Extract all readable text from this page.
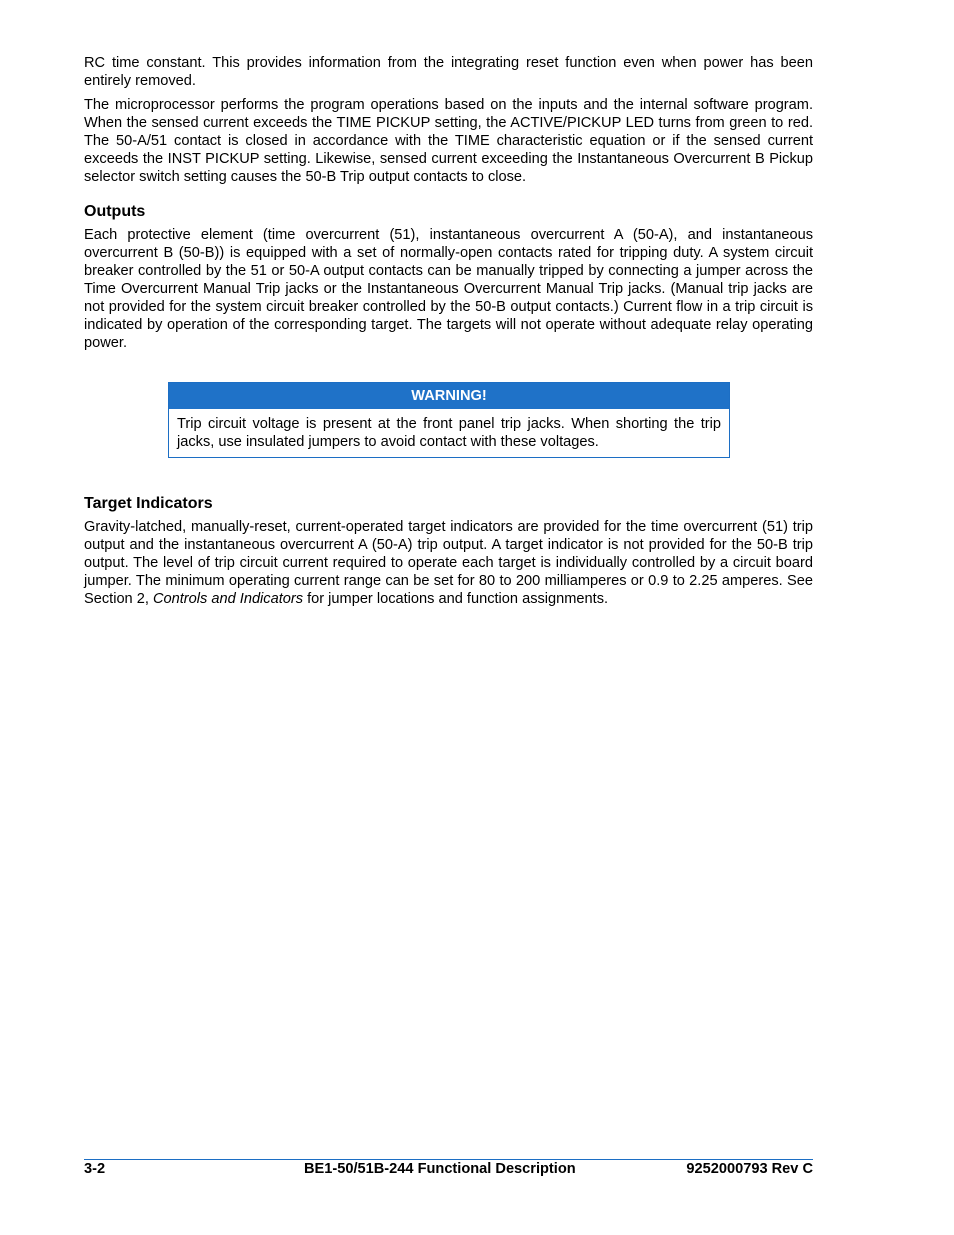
RC time constant. This provides information from the integrating reset function even when power has been entirely removed.

The microprocessor performs the program operations based on the inputs and the internal software program. When the sensed current exceeds the TIME PICKUP setting, the ACTIVE/PICKUP LED turns from green to red. The 50-A/51 contact is closed in accordance with the TIME characteristic equation or if the sensed current exceeds the INST PICKUP setting. Likewise, sensed current exceeding the Instantaneous Overcurrent B Pickup selector switch setting causes the 50-B Trip output contacts to close.

Outputs

Each protective element (time overcurrent (51), instantaneous overcurrent A (50-A), and instantaneous overcurrent B (50-B)) is equipped with a set of normally-open contacts rated for tripping duty. A system circuit breaker controlled by the 51 or 50-A output contacts can be manually tripped by connecting a jumper across the Time Overcurrent Manual Trip jacks or the Instantaneous Overcurrent Manual Trip jacks. (Manual trip jacks are not provided for the system circuit breaker controlled by the 50-B output contacts.) Current flow in a trip circuit is indicated by operation of the corresponding target. The targets will not operate without adequate relay operating power.

WARNING!
Trip circuit voltage is present at the front panel trip jacks. When shorting the trip jacks, use insulated jumpers to avoid contact with these voltages.
Target Indicators

Gravity-latched, manually-reset, current-operated target indicators are provided for the time overcurrent (51) trip output and the instantaneous overcurrent A (50-A) trip output. A target indicator is not provided for the 50-B trip output. The level of trip circuit current required to operate each target is individually controlled by a circuit board jumper. The minimum operating current range can be set for 80 to 200 milliamperes or 0.9 to 2.25 amperes. See Section 2, Controls and Indicators for jumper locations and function assignments.

3-2	BE1-50/51B-244 Functional Description	9252000793 Rev C
